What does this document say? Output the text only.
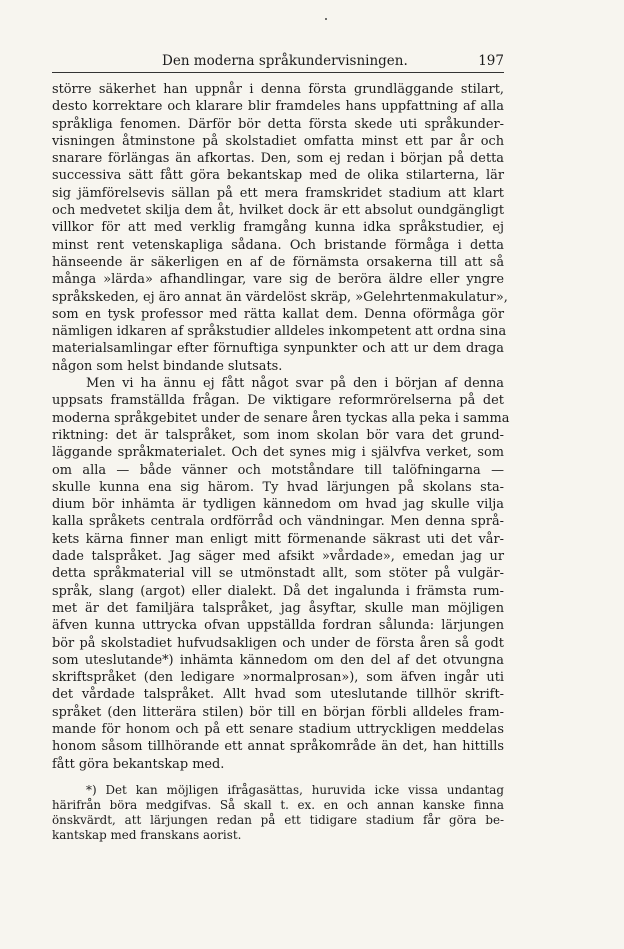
Den moderna språkundervisningen.	197
större säkerhet han uppnår i denna första grundläggande stilart,
desto korrektare och klarare blir framdeles hans uppfattning af alla
språkliga fenomen. Därför bör detta första skede uti språkunder-
visningen åtminstone på skolstadiet omfatta minst ett par år och
snarare förlängas än afkortas. Den, som ej redan i början på detta
successiva sätt fått göra bekantskap med de olika stilarterna, lär
sig jämförelsevis sällan på ett mera framskridet stadium att klart
och medvetet skilja dem åt, hvilket dock är ett absolut oundgängligt
villkor för att med verklig framgång kunna idka språkstudier, ej
minst rent vetenskapliga sådana. Och bristande förmåga i detta
hänseende är säkerligen en af de förnämsta orsakerna till att så
många »lärda» afhandlingar, vare sig de beröra äldre eller yngre
språkskeden, ej äro annat än värdelöst skräp, »Gelehrtenmakulatur»,
som en tysk professor med rätta kallat dem. Denna oförmåga gör
nämligen idkaren af språkstudier alldeles inkompetent att ordna sina
materialsamlingar efter förnuftiga synpunkter och att ur dem draga
någon som helst bindande slutsats.
Men vi ha ännu ej fått något svar på den i början af denna
uppsats framställda frågan. De viktigare reformrörelserna på det
moderna språkgebitet under de senare åren tyckas alla peka i samma
riktning: det är talspråket, som inom skolan bör vara det grund-
läggande språkmaterialet. Och det synes mig i självfva verket, som
om alla — både vänner och motståndare till talöfningarna —
skulle kunna ena sig härom. Ty hvad lärjungen på skolans sta-
dium bör inhämta är tydligen kännedom om hvad jag skulle vilja
kalla språkets centrala ordförråd och vändningar. Men denna språ-
kets kärna finner man enligt mitt förmenande säkrast uti det vår-
dade talspråket. Jag säger med afsikt »vårdade», emedan jag ur
detta språkmaterial vill se utmönstadt allt, som stöter på vulgär-
språk, slang (argot) eller dialekt. Då det ingalunda i främsta rum-
met är det familjära talspråket, jag åsyftar, skulle man möjligen
äfven kunna uttrycka ofvan uppställda fordran sålunda: lärjungen
bör på skolstadiet hufvudsakligen och under de första åren så godt
som uteslutande*) inhämta kännedom om den del af det otvungna
skriftspråket (den ledigare »normalprosan»), som äfven ingår uti
det vårdade talspråket. Allt hvad som uteslutande tillhör skrift-
språket (den litterära stilen) bör till en början förbli alldeles fram-
mande för honom och på ett senare stadium uttryckligen meddelas
honom såsom tillhörande ett annat språkområde än det, han hittills
fått göra bekantskap med.
*) Det kan möjligen ifrågasättas, huruvida icke vissa undantag
härifrån böra medgifvas. Så skall t. ex. en och annan kanske finna
önskvärdt, att lärjungen redan på ett tidigare stadium får göra be-
kantskap med franskans aorist.
